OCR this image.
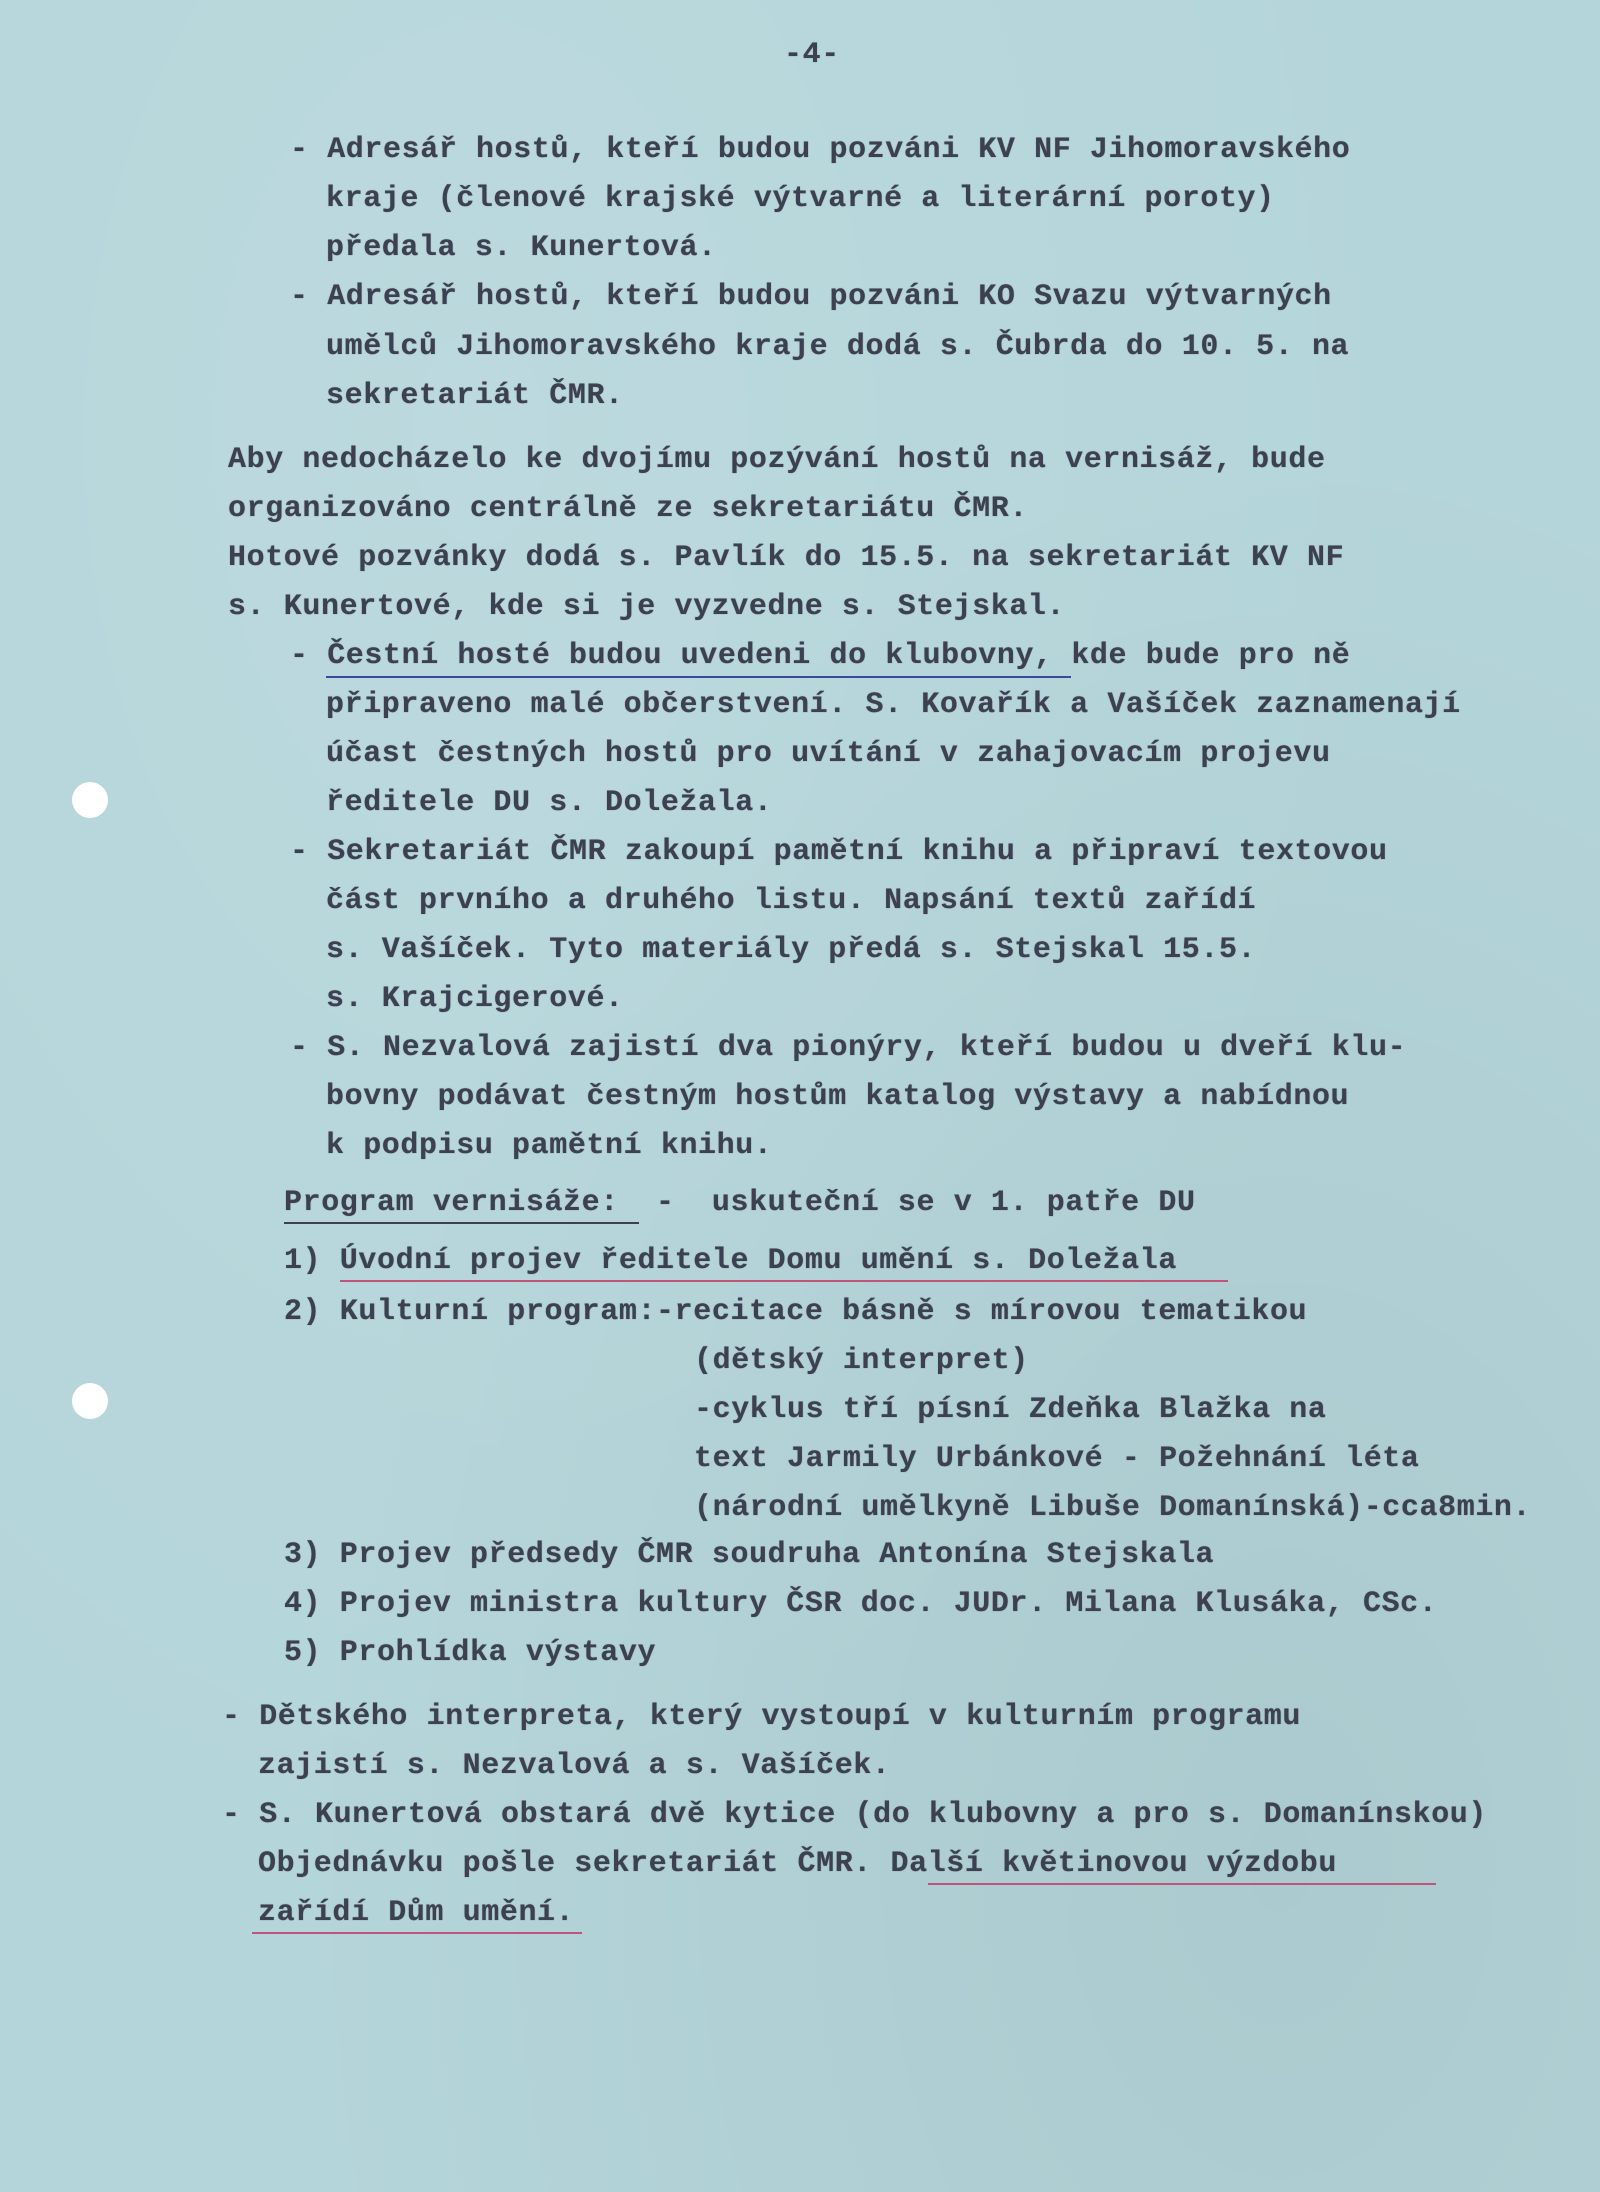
-4-

- Adresář hostů, kteří budou pozváni KV NF Jihomoravského

kraje (členové krajské výtvarné a literární poroty)

předala s. Kunertová.

- Adresář hostů, kteří budou pozváni KO Svazu výtvarných

umělců Jihomoravského kraje dodá s. Čubrda do 10. 5. na

sekretariát ČMR.

Aby nedocházelo ke dvojímu pozývání hostů na vernisáž, bude

organizováno centrálně ze sekretariátu ČMR.

Hotové pozvánky dodá s. Pavlík do 15.5. na sekretariát KV NF

s. Kunertové, kde si je vyzvedne s. Stejskal.

- Čestní hosté budou uvedeni do klubovny, kde bude pro ně

připraveno malé občerstvení. S. Kovařík a Vašíček zaznamenají

účast čestných hostů pro uvítání v zahajovacím projevu

ředitele DU s. Doležala.

- Sekretariát ČMR zakoupí pamětní knihu a připraví textovou

část prvního a druhého listu. Napsání textů zařídí

s. Vašíček. Tyto materiály předá s. Stejskal 15.5.

s. Krajcigerové.

- S. Nezvalová zajistí dva pionýry, kteří budou u dveří klu-

bovny podávat čestným hostům katalog výstavy a nabídnou

k podpisu pamětní knihu.

Program vernisáže:  -  uskuteční se v 1. patře DU

1) Úvodní projev ředitele Domu umění s. Doležala

2) Kulturní program:-recitace básně s mírovou tematikou

(dětský interpret)

-cyklus tří písní Zdeňka Blažka na

text Jarmily Urbánkové - Požehnání léta

(národní umělkyně Libuše Domanínská)-cca8min.

3) Projev předsedy ČMR soudruha Antonína Stejskala

4) Projev ministra kultury ČSR doc. JUDr. Milana Klusáka, CSc.

5) Prohlídka výstavy

- Dětského interpreta, který vystoupí v kulturním programu

zajistí s. Nezvalová a s. Vašíček.

- S. Kunertová obstará dvě kytice (do klubovny a pro s. Domanínskou)

Objednávku pošle sekretariát ČMR. Další květinovou výzdobu

zařídí Dům umění.
